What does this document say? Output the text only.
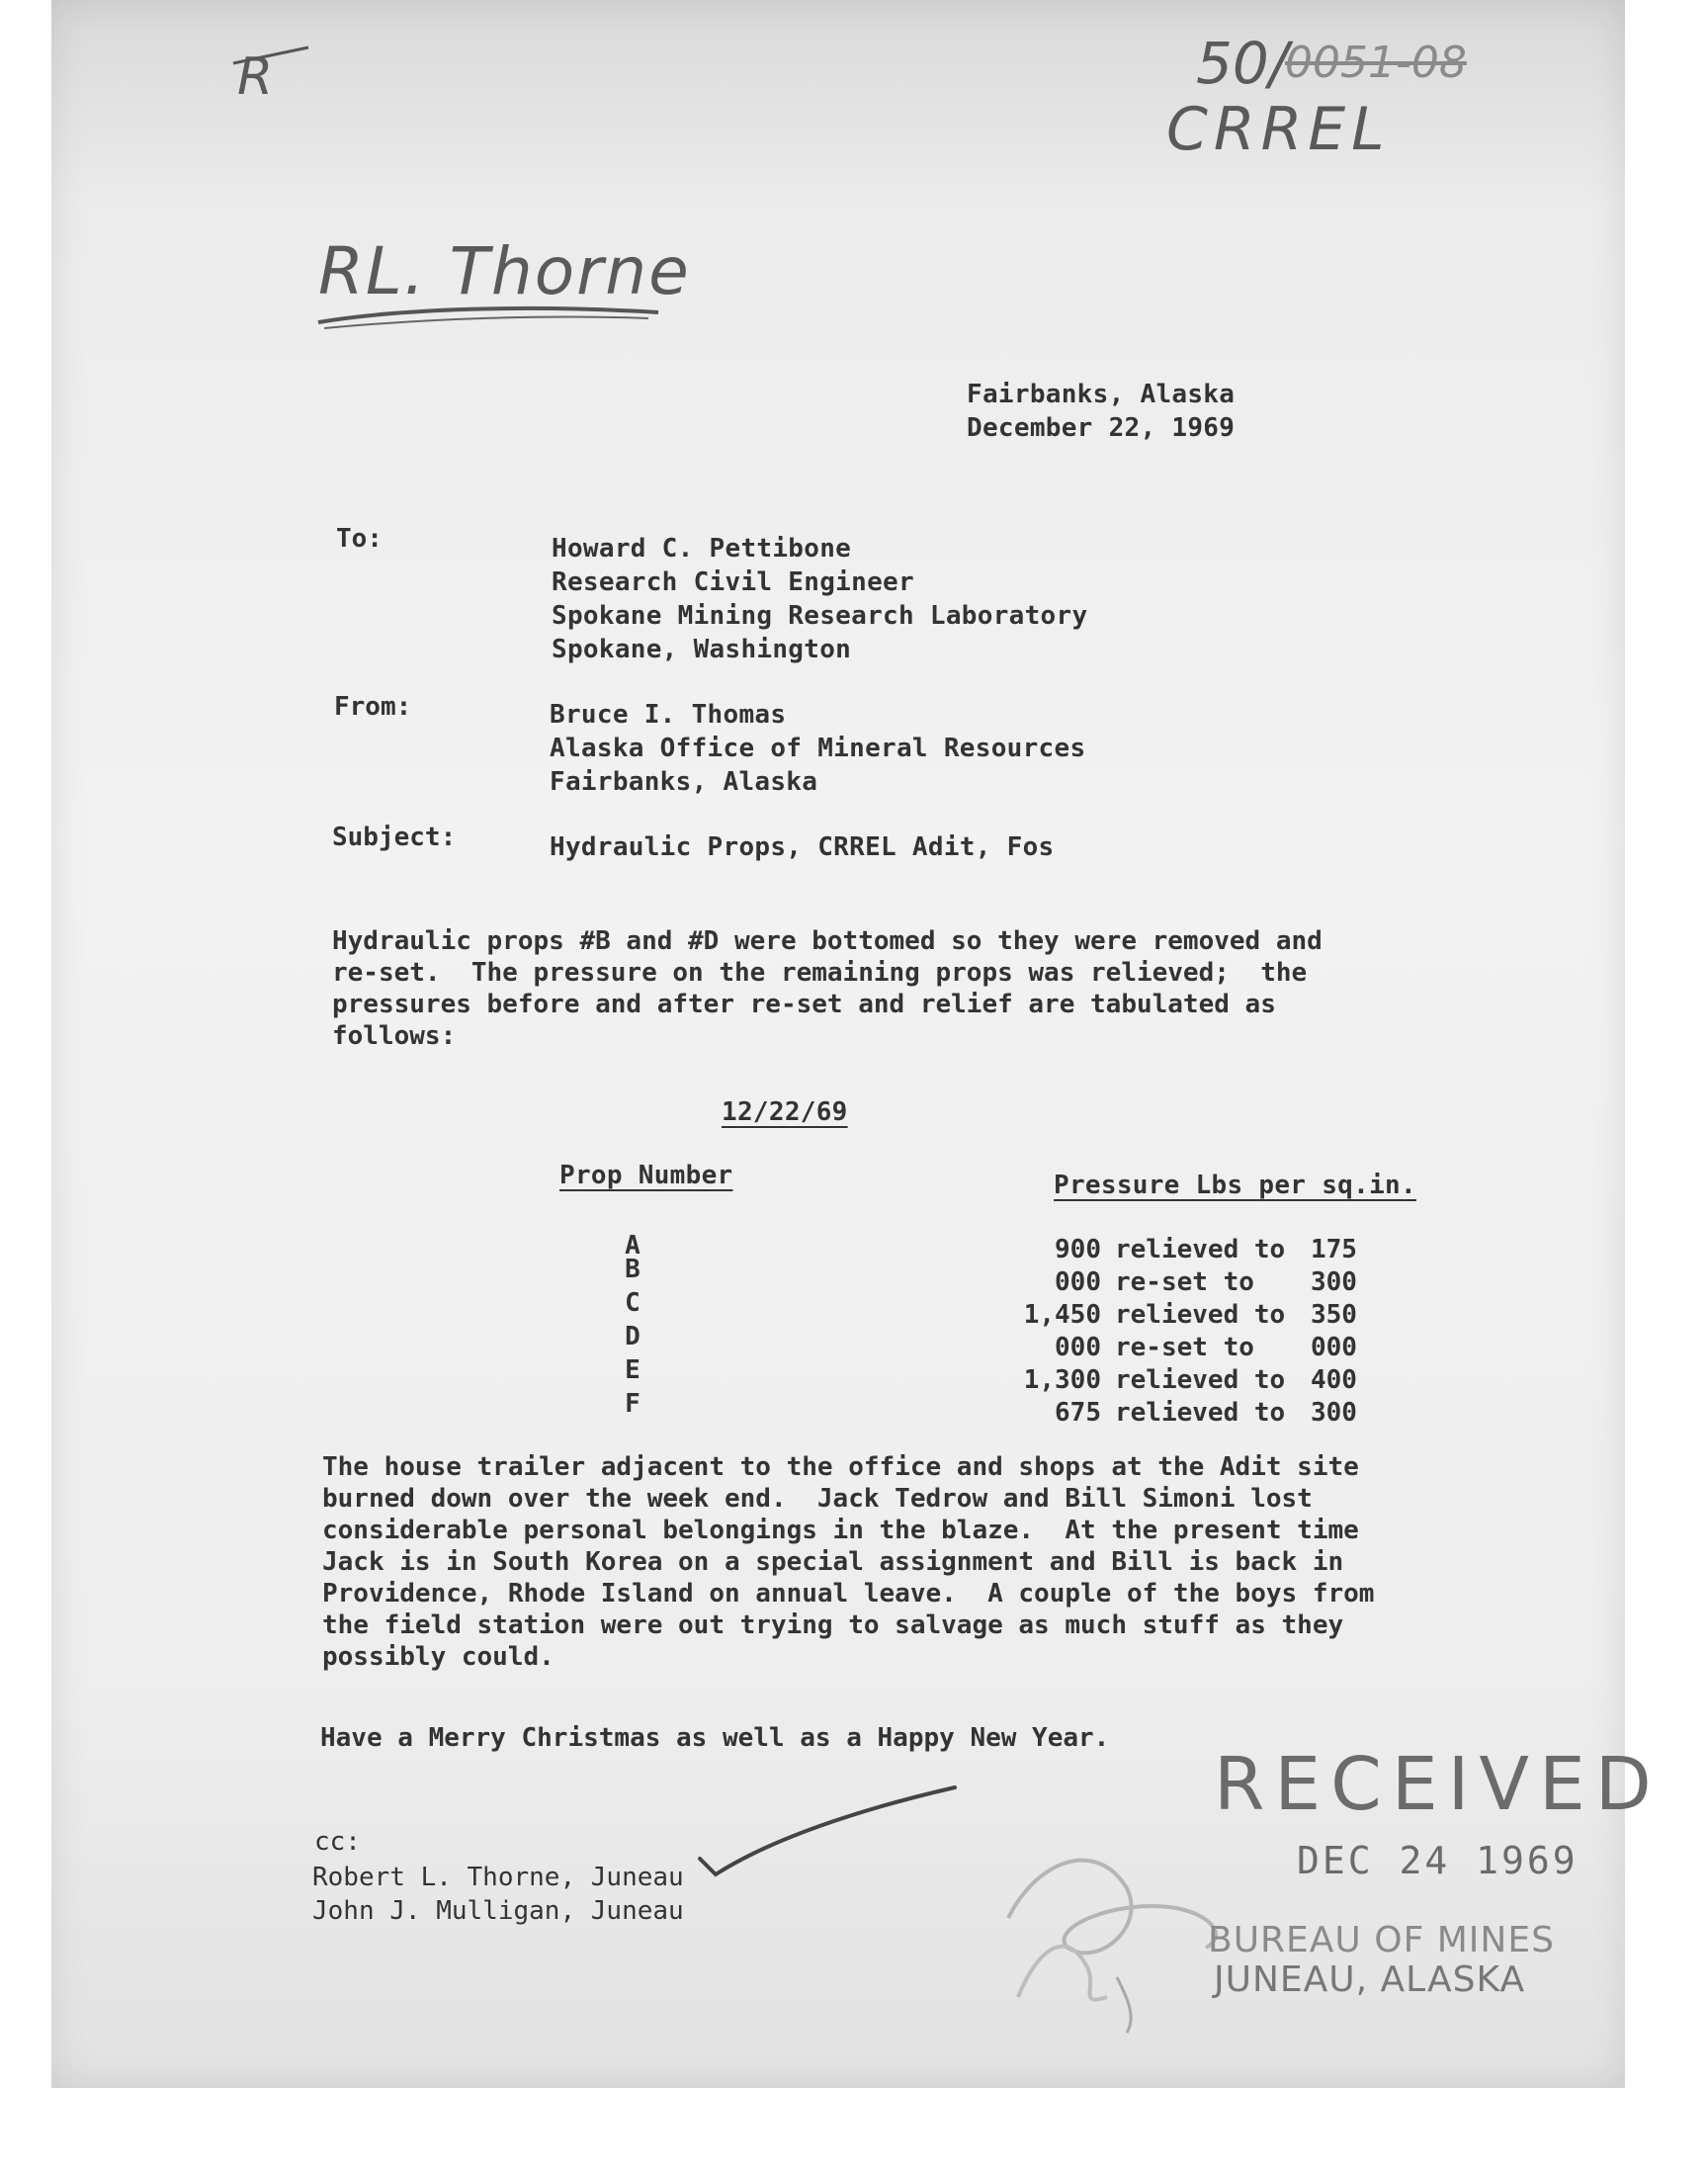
R	50/
0051-08
CRREL
RL. Thorne
Fairbanks, Alaska
December 22, 1969
To:	Howard C. Pettibone
Research Civil Engineer
Spokane Mining Research Laboratory
Spokane, Washington
From:	Bruce I. Thomas
Alaska Office of Mineral Resources
Fairbanks, Alaska
Subject:	Hydraulic Props, CRREL Adit, Fos
Hydraulic props #B and #D were bottomed so they were removed and
re-set.  The pressure on the remaining props was relieved;  the
pressures before and after re-set and relief are tabulated as
follows:
12/22/69
Prop Number	Pressure Lbs per sq.in.
A	900 relieved to 175
B	000 re-set to 300
C	1,450 relieved to 350
D	000 re-set to 000
E	1,300 relieved to 400
F	675 relieved to 300
The house trailer adjacent to the office and shops at the Adit site
burned down over the week end.  Jack Tedrow and Bill Simoni lost
considerable personal belongings in the blaze.  At the present time
Jack is in South Korea on a special assignment and Bill is back in
Providence, Rhode Island on annual leave.  A couple of the boys from
the field station were out trying to salvage as much stuff as they
possibly could.
Have a Merry Christmas as well as a Happy New Year.
cc:
Robert L. Thorne, Juneau
John J. Mulligan, Juneau
RECEIVED
DEC 24 1969
BUREAU OF MINES
JUNEAU, ALASKA
